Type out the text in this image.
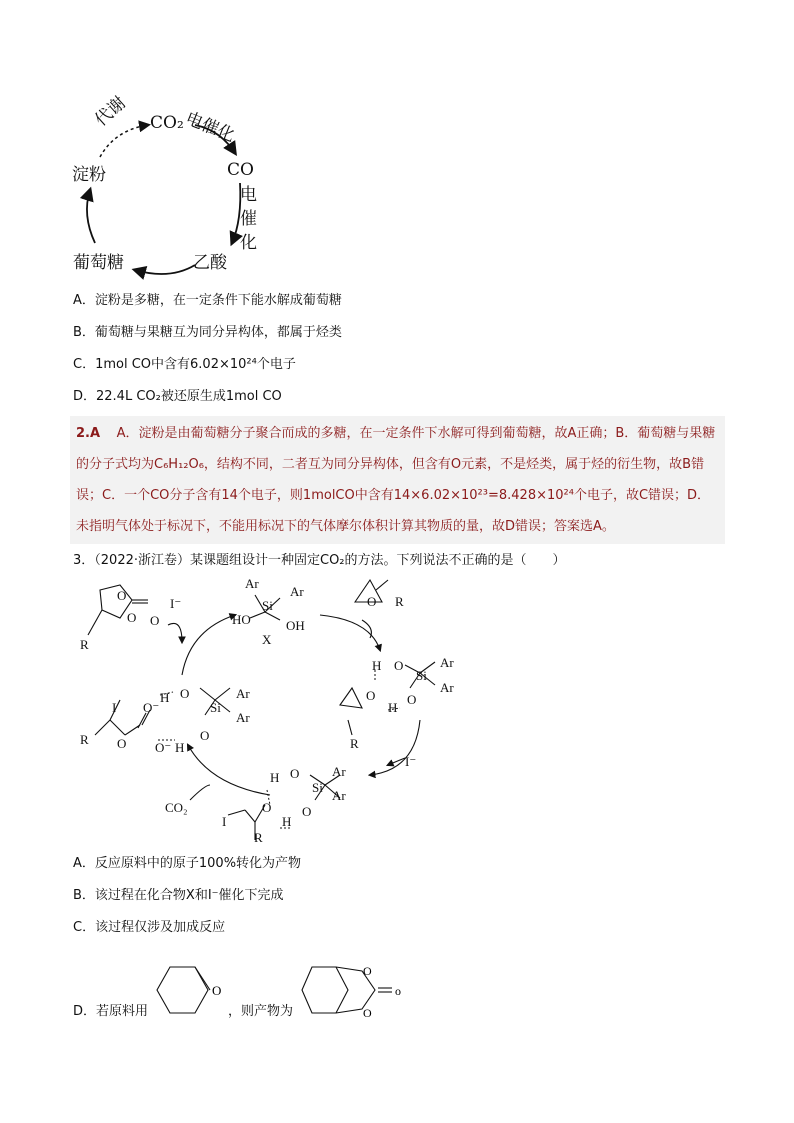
CO₂
电催化
代谢
CO
电
催
化
淀粉
葡萄糖	乙酸
A．淀粉是多糖，在一定条件下能水解成葡萄糖
B．葡萄糖与果糖互为同分异构体，都属于烃类
C．1mol CO中含有6.02×10²⁴个电子
D．22.4L CO₂被还原生成1mol CO
2.A A．淀粉是由葡萄糖分子聚合而成的多糖，在一定条件下水解可得到葡萄糖，故A正确；B．葡萄糖与果糖的分子式均为C₆H₁₂O₆，结构不同，二者互为同分异构体，但含有O元素，不是烃类，属于烃的衍生物，故B错误；C．一个CO分子含有14个电子，则1molCO中含有14×6.02×10²³=8.428×10²⁴个电子，故C错误；D．未指明气体处于标况下，不能用标况下的气体摩尔体积计算其物质的量，故D错误；答案选A。
3．（2022·浙江卷）某课题组设计一种固定CO₂的方法。下列说法不正确的是（　　）
O
O O
R
I⁻
Ar
Ar
Si
HO	OH
X
O R
O⁻
H O
Si
Ar
Ar
I
R O O⁻ H
O
H O
Si
Ar
Ar
O
H
O
R
I⁻
H O
Si
Ar
Ar
O
H
O
I
R
CO₂
A．反应原料中的原子100%转化为产物
B．该过程在化合物X和I⁻催化下完成
C．该过程仅涉及加成反应
D．若原料用
O
，则产物为
O
O
o
